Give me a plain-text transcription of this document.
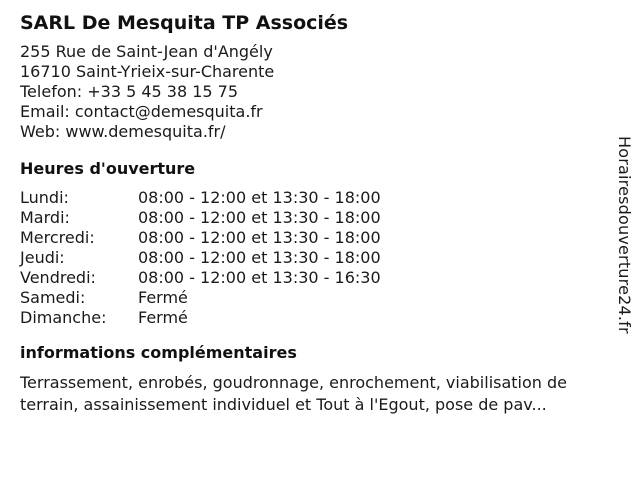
SARL De Mesquita TP Associés

255 Rue de Saint-Jean d'Angély

16710 Saint-Yrieix-sur-Charente

Telefon: +33 5 45 38 15 75

Email: contact@demesquita.fr

Web: www.demesquita.fr/

Heures d'ouverture
Lundi:	08:00 - 12:00 et 13:30 - 18:00
Mardi:	08:00 - 12:00 et 13:30 - 18:00
Mercredi:	08:00 - 12:00 et 13:30 - 18:00
Jeudi:	08:00 - 12:00 et 13:30 - 18:00
Vendredi:	08:00 - 12:00 et 13:30 - 16:30
Samedi:	Fermé
Dimanche:	Fermé
informations complémentaires

Terrassement, enrobés, goudronnage, enrochement, viabilisation de terrain, assainissement individuel et Tout à l'Egout, pose de pav...

Horairesdouverture24.fr
